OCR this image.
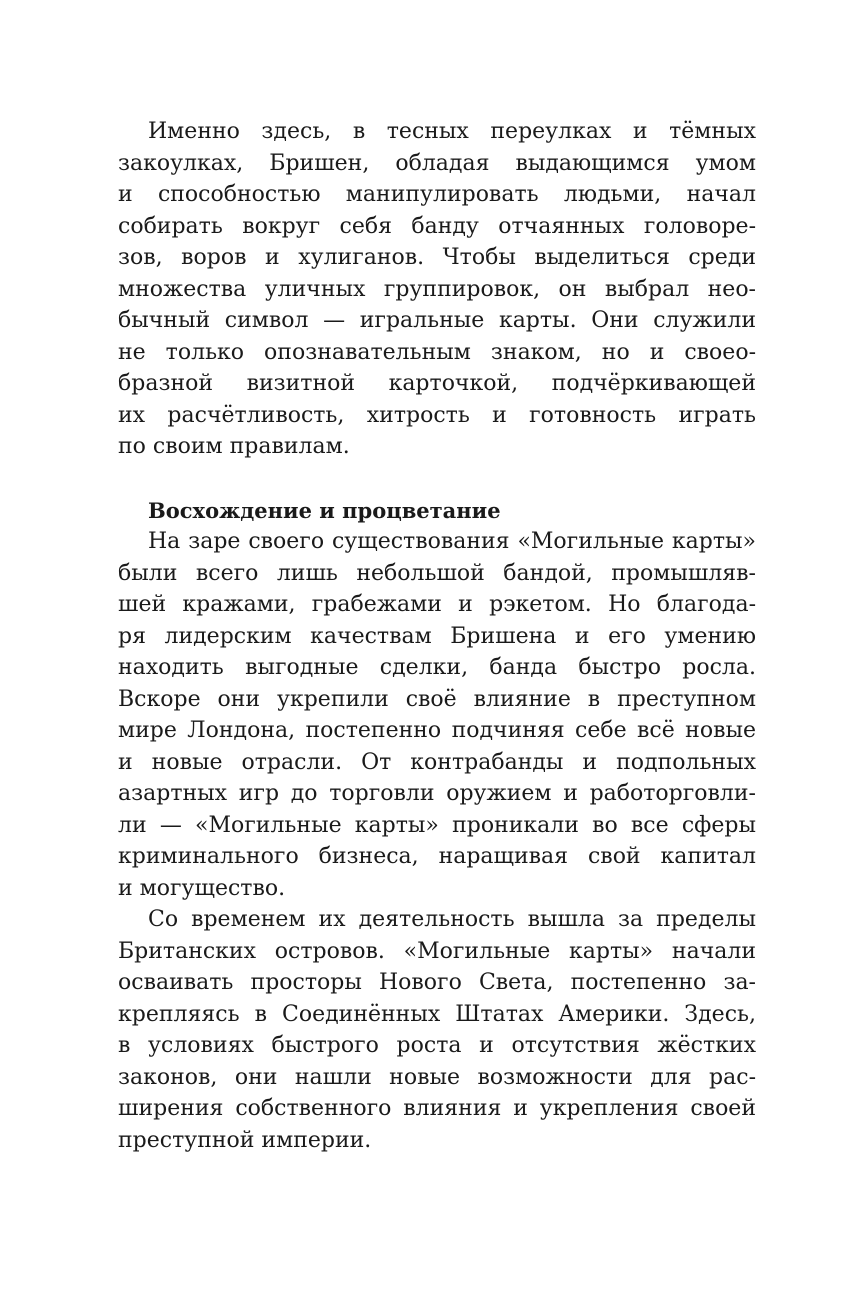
Именно здесь, в тесных переулках и тёмных
закоулках, Бришен, обладая выдающимся умом
и способностью манипулировать людьми, начал
собирать вокруг себя банду отчаянных головоре-
зов, воров и хулиганов. Чтобы выделиться среди
множества уличных группировок, он выбрал нео-
бычный символ — игральные карты. Они служили
не только опознавательным знаком, но и своео-
бразной визитной карточкой, подчёркивающей
их расчётливость, хитрость и готовность играть
по своим правилам.
Восхождение и процветание
На заре своего существования «Могильные карты»
были всего лишь небольшой бандой, промышляв-
шей кражами, грабежами и рэкетом. Но благода-
ря лидерским качествам Бришена и его умению
находить выгодные сделки, банда быстро росла.
Вскоре они укрепили своё влияние в преступном
мире Лондона, постепенно подчиняя себе всё новые
и новые отрасли. От контрабанды и подпольных
азартных игр до торговли оружием и работорговли-
ли — «Могильные карты» проникали во все сферы
криминального бизнеса, наращивая свой капитал
и могущество.
Со временем их деятельность вышла за пределы
Британских островов. «Могильные карты» начали
осваивать просторы Нового Света, постепенно за-
крепляясь в Соединённых Штатах Америки. Здесь,
в условиях быстрого роста и отсутствия жёстких
законов, они нашли новые возможности для рас-
ширения собственного влияния и укрепления своей
преступной империи.
